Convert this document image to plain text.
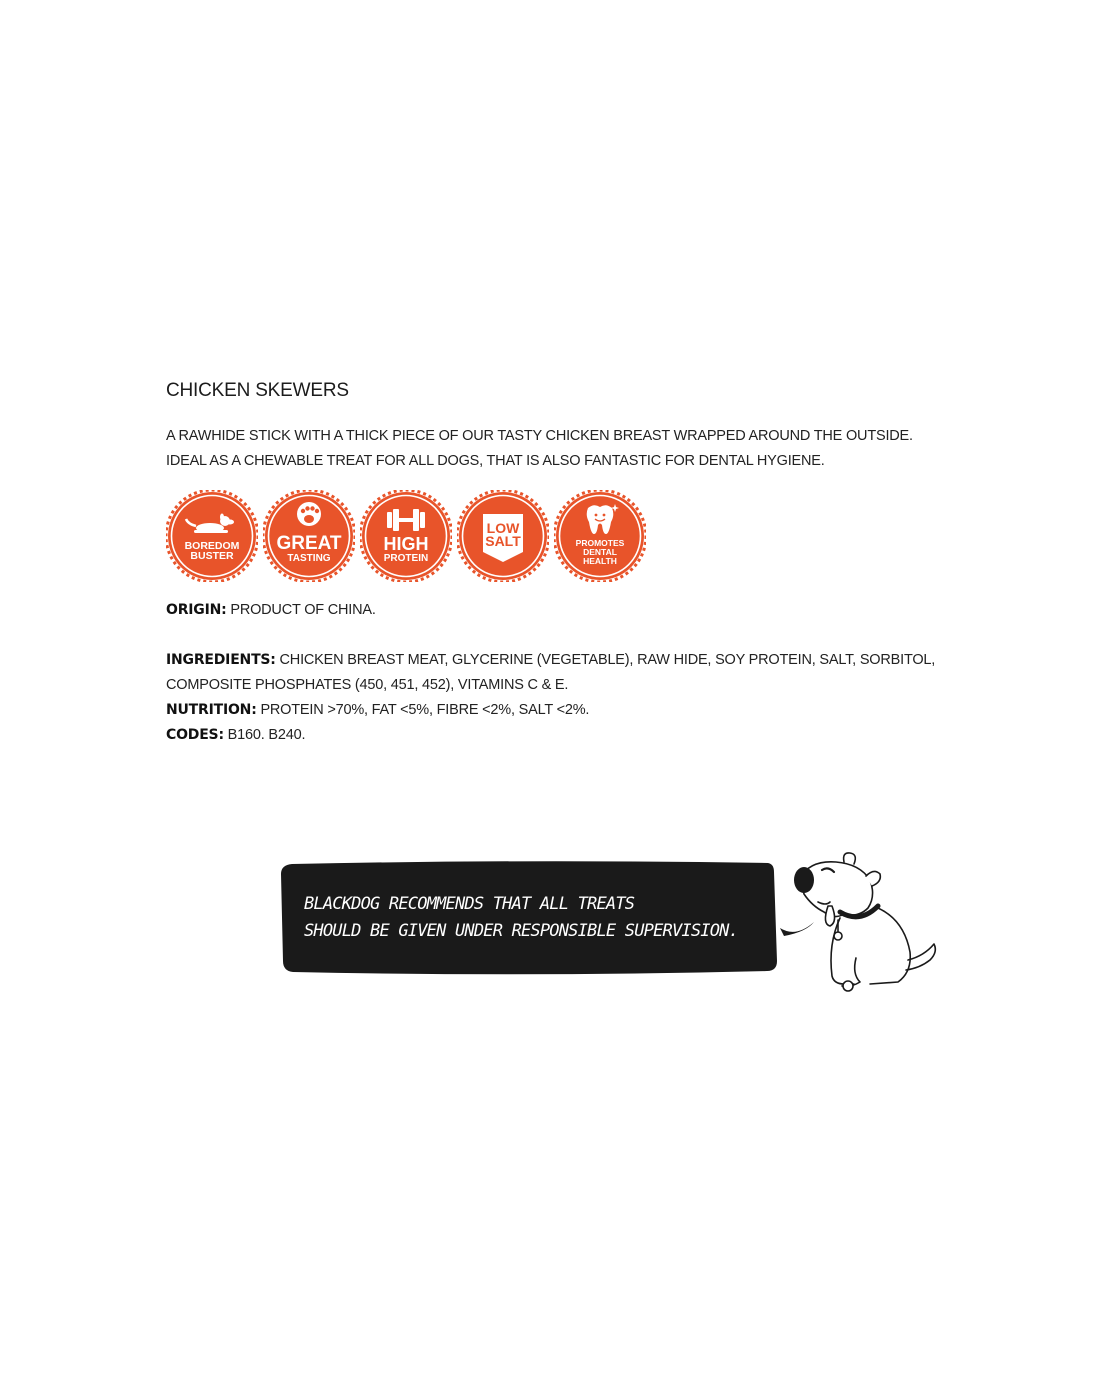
CHICKEN SKEWERS
A RAWHIDE STICK WITH A THICK PIECE OF OUR TASTY CHICKEN BREAST WRAPPED AROUND THE OUTSIDE.
IDEAL AS A CHEWABLE TREAT FOR ALL DOGS, THAT IS ALSO FANTASTIC FOR DENTAL HYGIENE.
BOREDOM
BUSTER
GREAT
TASTING
HIGH
PROTEIN
LOW
SALT	PROMOTES
DENTAL
HEALTH
ORIGIN: PRODUCT OF CHINA.
INGREDIENTS: CHICKEN BREAST MEAT, GLYCERINE (VEGETABLE), RAW HIDE, SOY PROTEIN, SALT, SORBITOL,
COMPOSITE PHOSPHATES (450, 451, 452), VITAMINS C & E.
NUTRITION: PROTEIN >70%, FAT <5%, FIBRE <2%, SALT <2%.
CODES: B160. B240.
BLACKDOG RECOMMENDS THAT ALL TREATS
SHOULD BE GIVEN UNDER RESPONSIBLE SUPERVISION.
